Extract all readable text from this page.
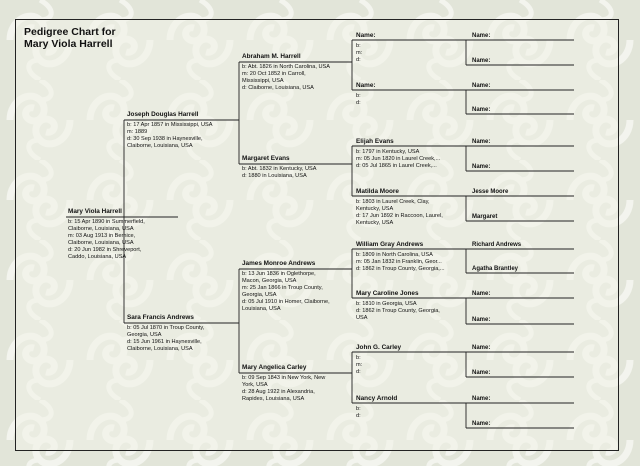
Pedigree Chart for
Mary Viola Harrell
Mary Viola Harrell
b: 15 Apr 1890 in Summerfield,
Claiborne, Louisiana, USA
m: 03 Aug 1913 in Bernice,
Claiborne, Louisiana, USA
d: 20 Jun 1982 in Shreveport,
Caddo, Louisiana, USA
Joseph Douglas Harrell
b: 17 Apr 1857 in Mississippi, USA
m: 1889
d: 30 Sep 1938 in Haynesville,
Claiborne, Louisiana, USA
Sara Francis Andrews
b: 05 Jul 1870 in Troup County,
Georgia, USA
d: 15 Jun 1961 in Haynesville,
Claiborne, Louisiana, USA
Abraham M. Harrell
b: Abt. 1826 in North Carolina, USA
m: 20 Oct 1852 in Carroll,
Mississippi, USA
d: Claiborne, Louisiana, USA
Margaret Evans
b: Abt. 1832 in Kentucky, USA
d: 1880 in Louisiana, USA
James Monroe Andrews
b: 13 Jun 1836 in Oglethorpe,
Macon, Georgia, USA
m: 25 Jan 1866 in Troup County,
Georgia, USA
d: 05 Jul 1910 in Homer, Claiborne,
Louisiana, USA
Mary Angelica Carley
b: 09 Sep 1843 in New York, New
York, USA
d: 28 Aug 1922 in Alexandria,
Rapides, Louisiana, USA
Name:
b:
m:
d:
Name:
b:
d:
Elijah Evans
b: 1797 in Kentucky, USA
m: 05 Jun 1820 in Laurel Creek,...
d: 05 Jul 1865 in Laurel Creek,...
Matilda Moore
b: 1803 in Laurel Creek, Clay,
Kentucky, USA
d: 17 Jun 1892 in Raccoon, Laurel,
Kentucky, USA
William Gray Andrews
b: 1809 in North Carolina, USA
m: 05 Jan 1832 in Franklin, Geor...
d: 1862 in Troup County, Georgia,...
Mary Caroline Jones
b: 1810 in Georgia, USA
d: 1862 in Troup County, Georgia,
USA
John G. Carley
b:
m:
d:
Nancy Arnold
b:
d:
Name:
Name:
Name:
Name:
Name:
Name:
Jesse Moore
Margaret
Richard Andrews
Agatha Brantley
Name:
Name:
Name:
Name:
Name:
Name:
